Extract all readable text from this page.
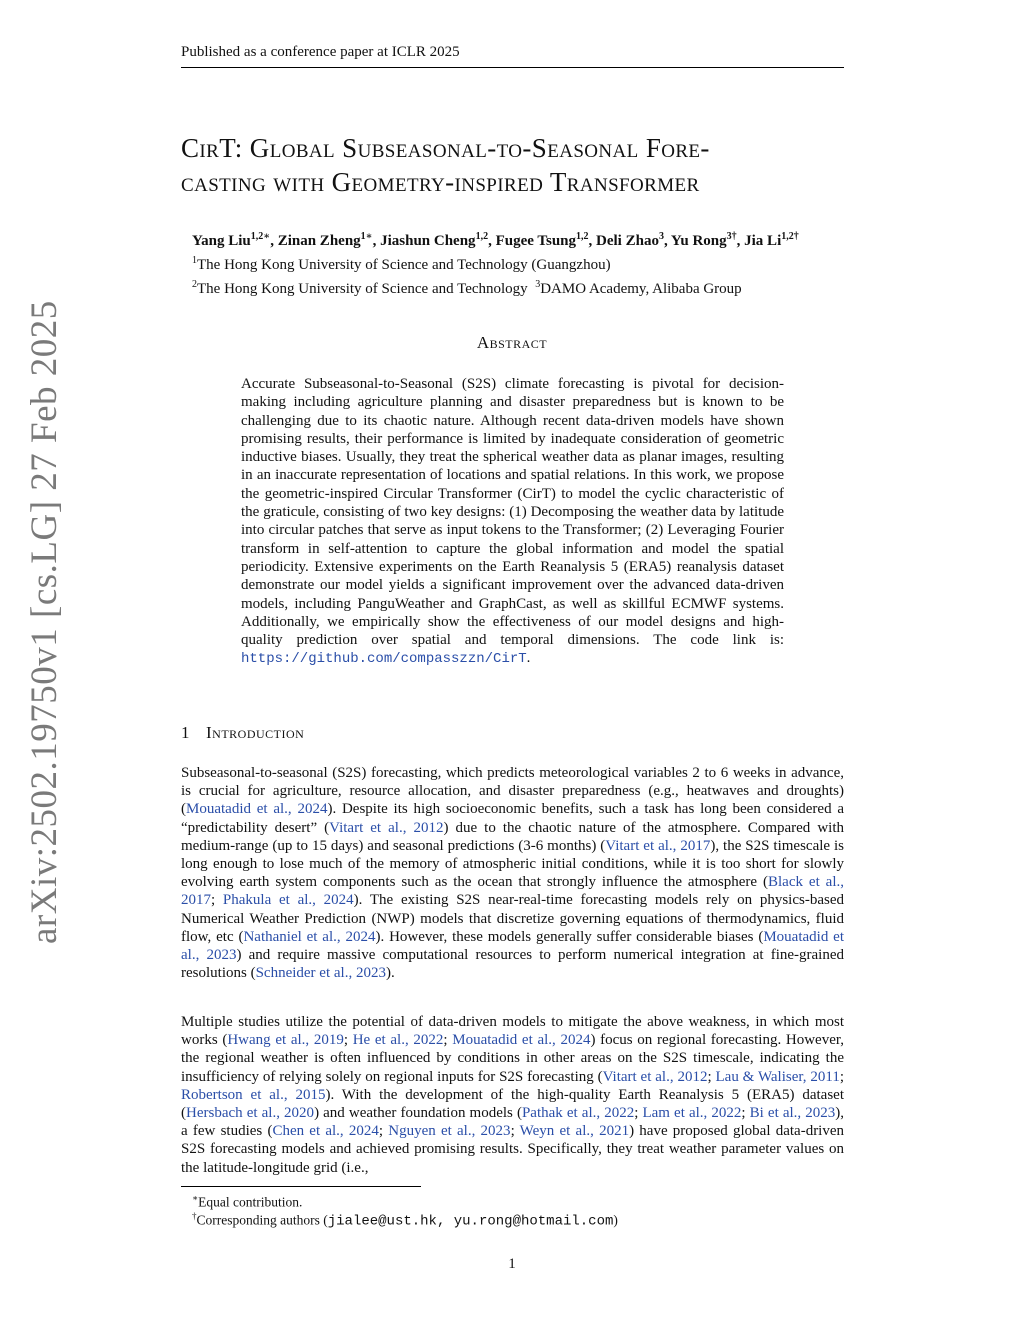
Published as a conference paper at ICLR 2025
arXiv:2502.19750v1 [cs.LG] 27 Feb 2025
CirT: Global Subseasonal-to-Seasonal Fore-
casting with Geometry-inspired Transformer
Yang Liu$^{1,2∗}$, Zinan Zheng$^{1∗}$, Jiashun Cheng$^{1,2}$, Fugee Tsung$^{1,2}$, Deli Zhao$^3$, Yu Rong$^{3\dagger}$, Jia $Li^{1,2\dagger}$
$^1$The Hong Kong University of Science and Technology (Guangzhou)
$^2$The Hong Kong University of Science and Technology $^3$DAMO Academy, Alibaba Group
Abstract
Accurate Subseasonal-to-Seasonal (S2S) climate forecasting is pivotal for decision-making including agriculture planning and disaster preparedness but is known to be challenging due to its chaotic nature. Although recent data-driven models have shown promising results, their performance is limited by inadequate consideration of geometric inductive biases. Usually, they treat the spherical weather data as planar images, resulting in an inaccurate representation of locations and spatial relations. In this work, we propose the geometric-inspired Circular Transformer (CirT) to model the cyclic characteristic of the graticule, consisting of two key designs: (1) Decomposing the weather data by latitude into circular patches that serve as input tokens to the Transformer; (2) Leveraging Fourier transform in self-attention to capture the global information and model the spatial periodicity. Extensive experiments on the Earth Reanalysis 5 (ERA5) reanalysis dataset demonstrate our model yields a significant improvement over the advanced data-driven models, including PanguWeather and GraphCast, as well as skillful ECMWF systems. Additionally, we empirically show the effectiveness of our model designs and high-quality prediction over spatial and temporal dimensions. The code link is: https://github.com/compasszzn/CirT.
1 Introduction
Subseasonal-to-seasonal (S2S) forecasting, which predicts meteorological variables 2 to 6 weeks in advance, is crucial for agriculture, resource allocation, and disaster preparedness (e.g., heatwaves and droughts) (Mouatadid et al., 2024). Despite its high socioeconomic benefits, such a task has long been considered a “predictability desert” (Vitart et al., 2012) due to the chaotic nature of the atmosphere. Compared with medium-range (up to 15 days) and seasonal predictions (3-6 months) (Vitart et al., 2017), the S2S timescale is long enough to lose much of the memory of atmospheric initial conditions, while it is too short for slowly evolving earth system components such as the ocean that strongly influence the atmosphere (Black et al., 2017; Phakula et al., 2024). The existing S2S near-real-time forecasting models rely on physics-based Numerical Weather Prediction (NWP) models that discretize governing equations of thermodynamics, fluid flow, etc (Nathaniel et al., 2024). However, these models generally suffer considerable biases (Mouatadid et al., 2023) and require massive computational resources to perform numerical integration at fine-grained resolutions (Schneider et al., 2023).
Multiple studies utilize the potential of data-driven models to mitigate the above weakness, in which most works (Hwang et al., 2019; He et al., 2022; Mouatadid et al., 2024) focus on regional forecasting. However, the regional weather is often influenced by conditions in other areas on the S2S timescale, indicating the insufficiency of relying solely on regional inputs for S2S forecasting (Vitart et al., 2012; Lau & Waliser, 2011; Robertson et al., 2015). With the development of the high-quality Earth Reanalysis 5 (ERA5) dataset (Hersbach et al., 2020) and weather foundation models (Pathak et al., 2022; Lam et al., 2022; Bi et al., 2023), a few studies (Chen et al., 2024; Nguyen et al., 2023; Weyn et al., 2021) have proposed global data-driven S2S forecasting models and achieved promising results. Specifically, they treat weather parameter values on the latitude-longitude grid (i.e.,
∗Equal contribution.
†Corresponding authors (jialee@ust.hk, yu.rong@hotmail.com)
1
